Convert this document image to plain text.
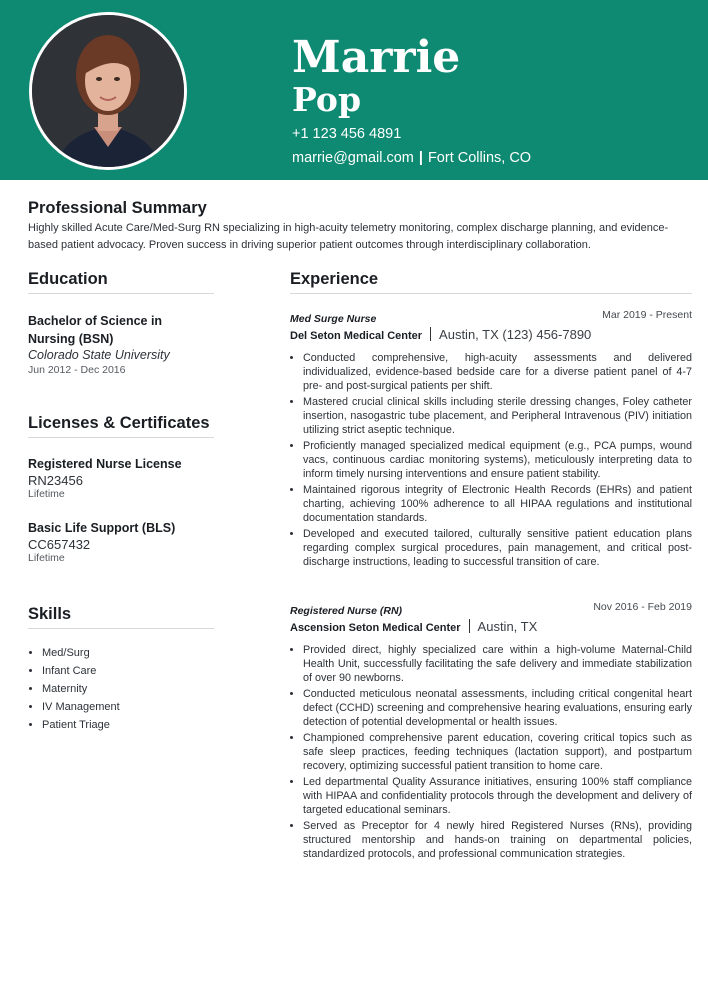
Marrie
Pop

+1 123 456 4891

marrie@gmail.com | Fort Collins, CO

Professional Summary

Highly skilled Acute Care/Med-Surg RN specializing in high-acuity telemetry monitoring, complex discharge planning, and evidence-based patient advocacy. Proven success in driving superior patient outcomes through interdisciplinary collaboration.

Education

Bachelor of Science in Nursing (BSN)

Colorado State University

Jun 2012 - Dec 2016

Licenses & Certificates

Registered Nurse License

RN23456

Lifetime

Basic Life Support (BLS)

CC657432

Lifetime

Skills
• Med/Surg
• Infant Care
• Maternity
• IV Management
• Patient Triage
Experience
Med Surge Nurse	Mar 2019 - Present
Del Seton Medical Center Austin, TX (123) 456-7890
• Conducted comprehensive, high-acuity assessments and delivered individualized, evidence-based bedside care for a diverse patient panel of 4-7 pre- and post-surgical patients per shift.
• Mastered crucial clinical skills including sterile dressing changes, Foley catheter insertion, nasogastric tube placement, and Peripheral Intravenous (PIV) initiation utilizing strict aseptic technique.
• Proficiently managed specialized medical equipment (e.g., PCA pumps, wound vacs, continuous cardiac monitoring systems), meticulously interpreting data to inform timely nursing interventions and ensure patient stability.
• Maintained rigorous integrity of Electronic Health Records (EHRs) and patient charting, achieving 100% adherence to all HIPAA regulations and institutional documentation standards.
• Developed and executed tailored, culturally sensitive patient education plans regarding complex surgical procedures, pain management, and critical post-discharge instructions, leading to successful transition of care.
Registered Nurse (RN)	Nov 2016 - Feb 2019
Ascension Seton Medical Center Austin, TX
• Provided direct, highly specialized care within a high-volume Maternal-Child Health Unit, successfully facilitating the safe delivery and immediate stabilization of over 90 newborns.
• Conducted meticulous neonatal assessments, including critical congenital heart defect (CCHD) screening and comprehensive hearing evaluations, ensuring early detection of potential developmental or health issues.
• Championed comprehensive parent education, covering critical topics such as safe sleep practices, feeding techniques (lactation support), and postpartum recovery, optimizing successful patient transition to home care.
• Led departmental Quality Assurance initiatives, ensuring 100% staff compliance with HIPAA and confidentiality protocols through the development and delivery of targeted educational seminars.
• Served as Preceptor for 4 newly hired Registered Nurses (RNs), providing structured mentorship and hands-on training on departmental policies, standardized protocols, and professional communication strategies.
